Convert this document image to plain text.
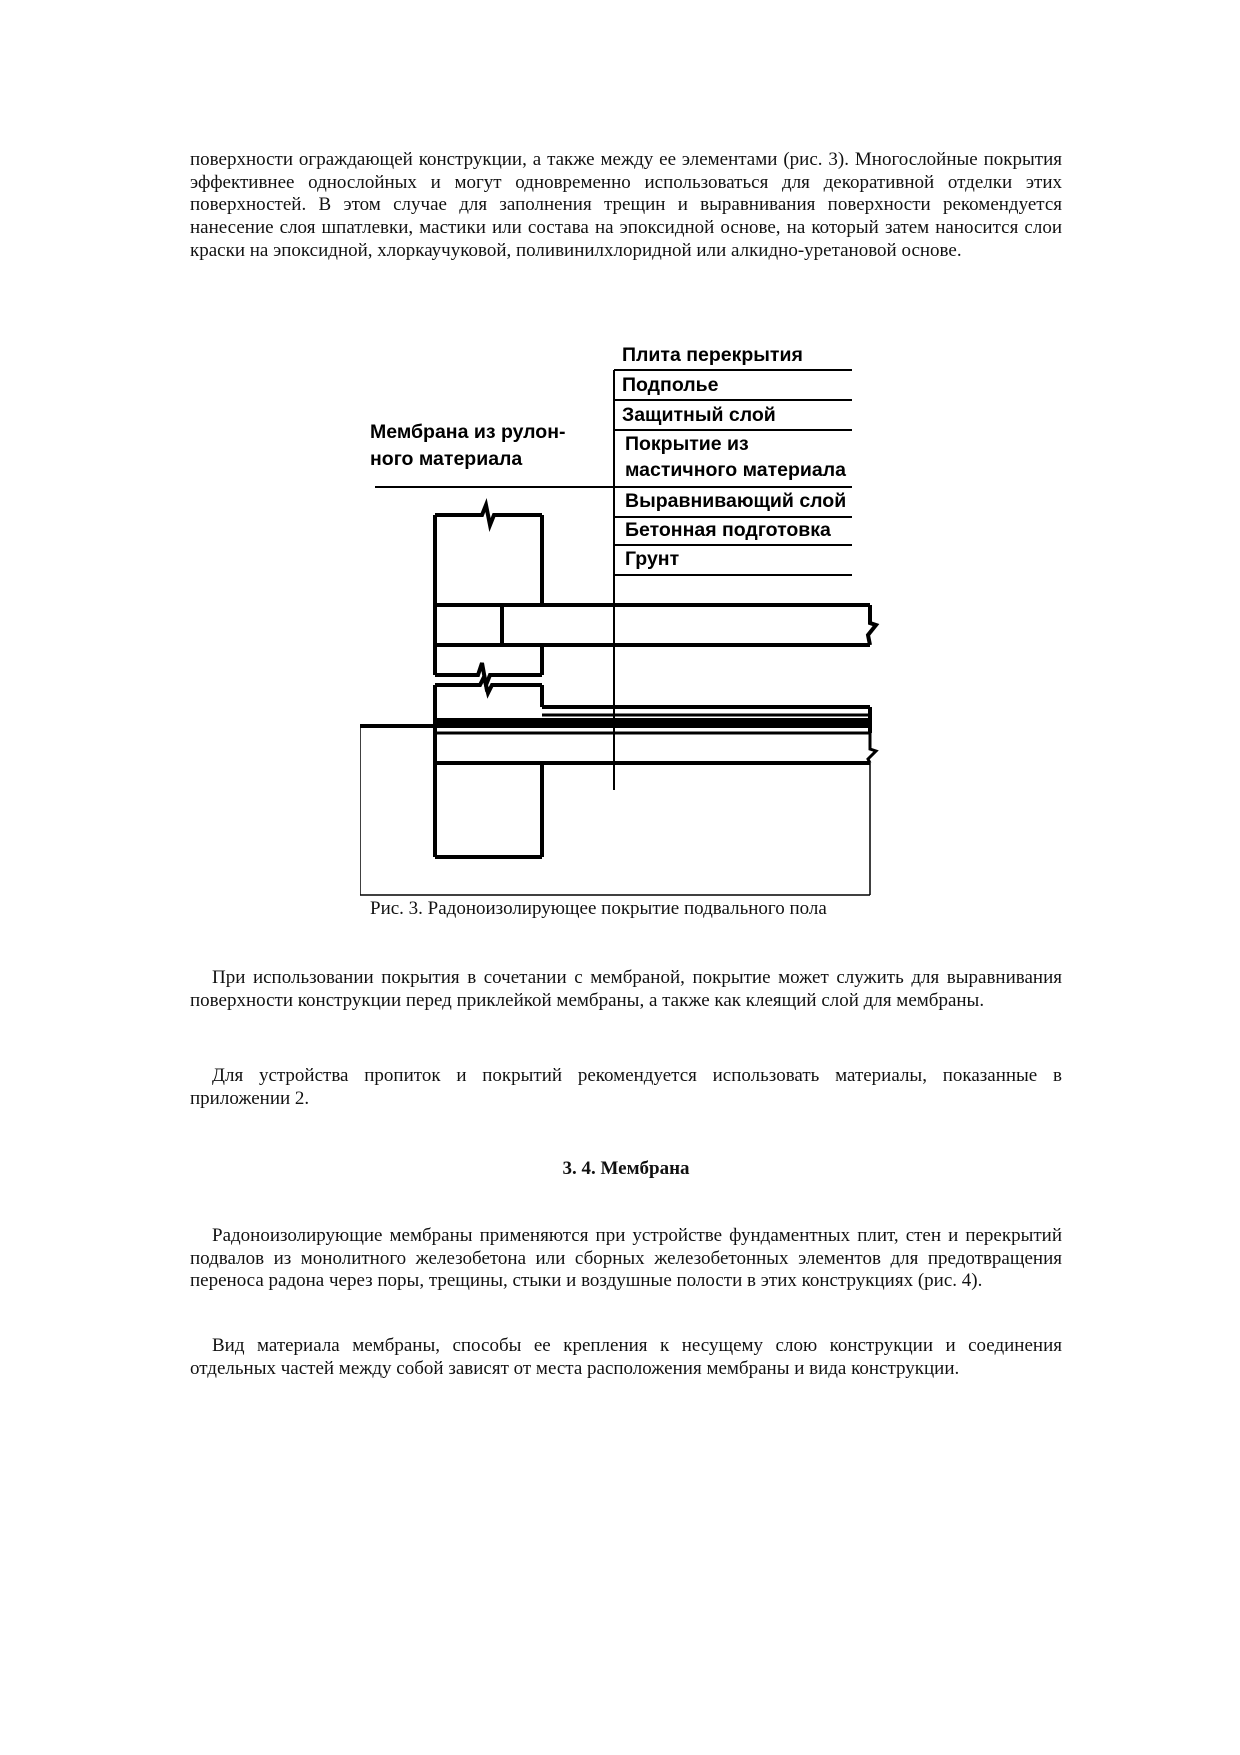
поверхности ограждающей конструкции, а также между ее элементами (рис. 3). Многослойные покрытия эффективнее однослойных и могут одновременно использоваться для декоративной отделки этих поверхностей. В этом случае для заполнения трещин и выравнивания поверхности рекомендуется нанесение слоя шпатлевки, мастики или состава на эпоксидной основе, на который затем наносится слои краски на эпоксидной, хлоркаучуковой, поливинилхлоридной или алкидно-уретановой основе.

Плита перекрытия
Подполье
Защитный слой
Покрытие из
мастичного материала
Выравнивающий слой
Бетонная подготовка
Грунт
Мембрана из рулон-
ного материала
Рис. 3. Радоноизолирующее покрытие подвального пола

При использовании покрытия в сочетании с мембраной, покрытие может служить для выравнивания поверхности конструкции перед приклейкой мембраны, а также как клеящий слой для мембраны.

Для устройства пропиток и покрытий рекомендуется использовать материалы, показанные в приложении 2.

3. 4. Мембрана

Радоноизолирующие мембраны применяются при устройстве фундаментных плит, стен и перекрытий подвалов из монолитного железобетона или сборных железобетонных элементов для предотвращения переноса радона через поры, трещины, стыки и воздушные полости в этих конструкциях (рис. 4).

Вид материала мембраны, способы ее крепления к несущему слою конструкции и соединения отдельных частей между собой зависят от места расположения мембраны и вида конструкции.
